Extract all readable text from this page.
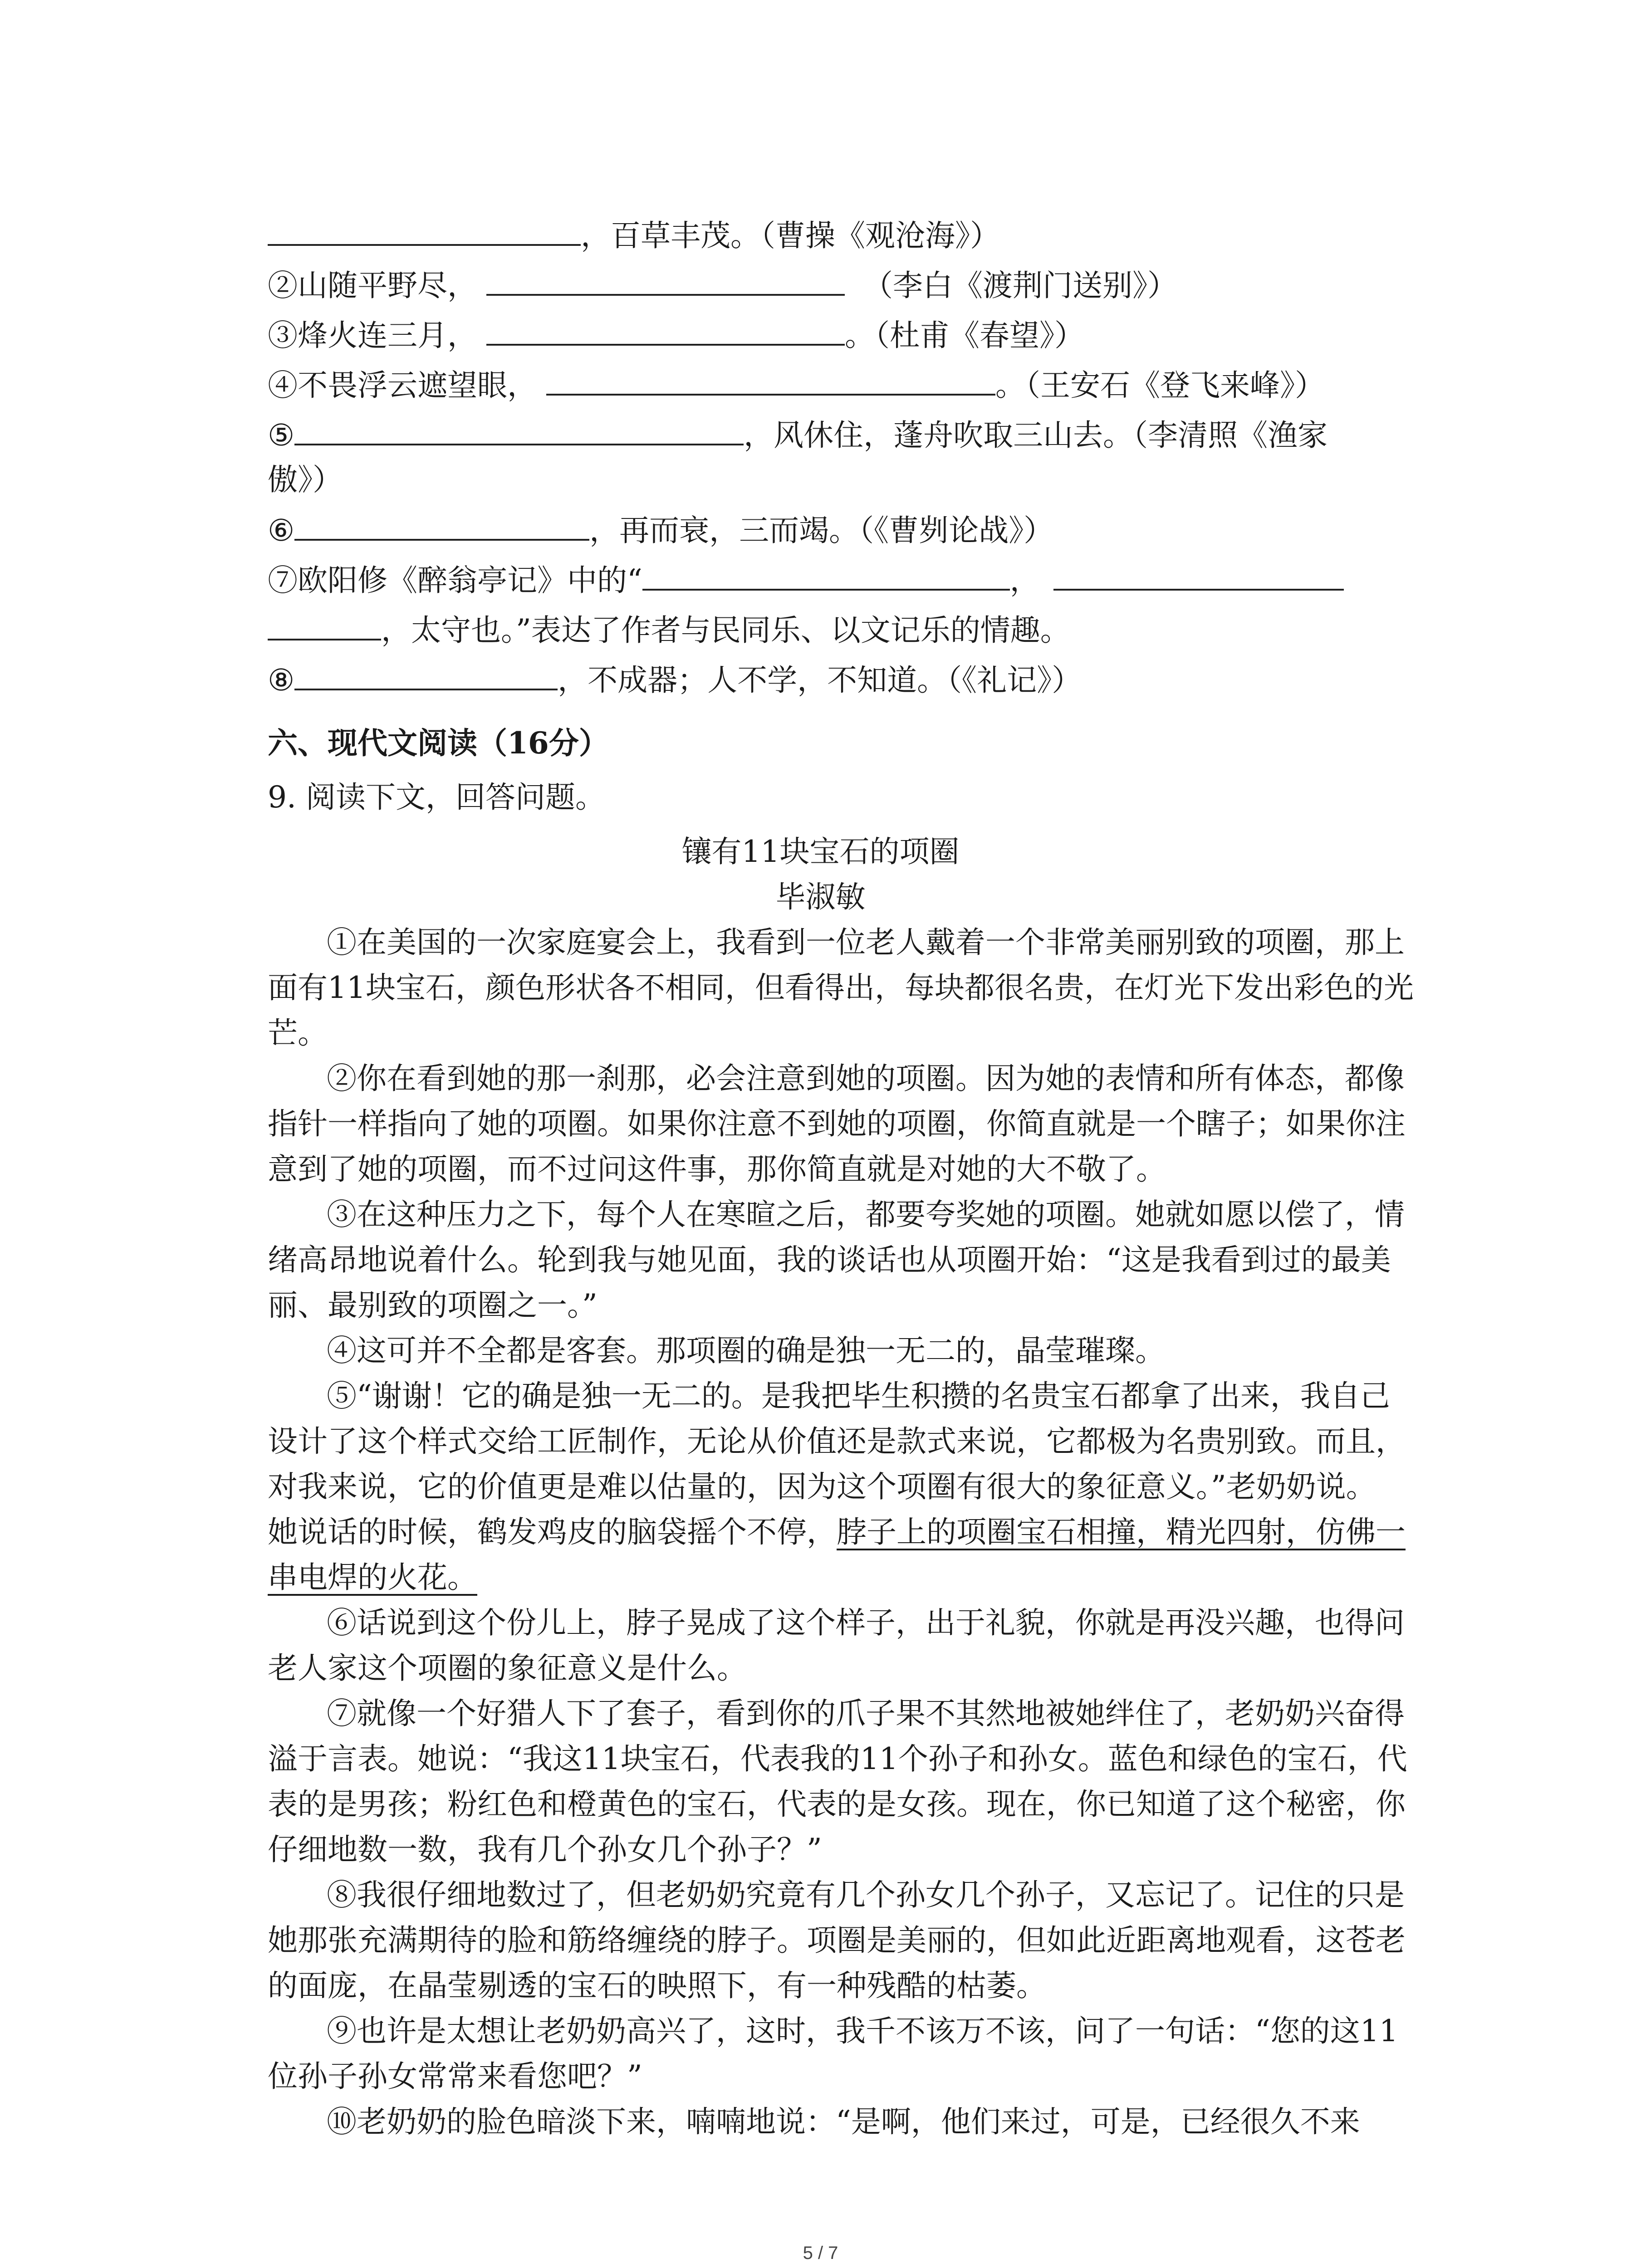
，百草丰茂。（曹操《观沧海》）
②山随平野尽，	（李白《渡荆门送别》）
③烽火连三月，	。（杜甫《春望》）
④不畏浮云遮望眼，	。（王安石《登飞来峰》）
⑤	，风休住，蓬舟吹取三山去。（李清照《渔家
傲》）
⑥	，再而衰，三而竭。（《曹刿论战》）
⑦欧阳修《醉翁亭记》中的“	，
，太守也。”表达了作者与民同乐、以文记乐的情趣。
⑧	，不成器；人不学，不知道。（《礼记》）
六、现代文阅读（16分）
9. 阅读下文，回答问题。
镶有11块宝石的项圈
毕淑敏
①在美国的一次家庭宴会上，我看到一位老人戴着一个非常美丽别致的项圈，那上
面有11块宝石，颜色形状各不相同，但看得出，每块都很名贵，在灯光下发出彩色的光
芒。
②你在看到她的那一刹那，必会注意到她的项圈。因为她的表情和所有体态，都像
指针一样指向了她的项圈。如果你注意不到她的项圈，你简直就是一个瞎子；如果你注
意到了她的项圈，而不过问这件事，那你简直就是对她的大不敬了。
③在这种压力之下，每个人在寒暄之后，都要夸奖她的项圈。她就如愿以偿了，情
绪高昂地说着什么。轮到我与她见面，我的谈话也从项圈开始：“这是我看到过的最美
丽、最别致的项圈之一。”
④这可并不全都是客套。那项圈的确是独一无二的，晶莹璀璨。
⑤“谢谢！它的确是独一无二的。是我把毕生积攒的名贵宝石都拿了出来，我自己
设计了这个样式交给工匠制作，无论从价值还是款式来说，它都极为名贵别致。而且，
对我来说，它的价值更是难以估量的，因为这个项圈有很大的象征意义。”老奶奶说。
她说话的时候，鹤发鸡皮的脑袋摇个不停，脖子上的项圈宝石相撞，精光四射，仿佛一
串电焊的火花。
⑥话说到这个份儿上，脖子晃成了这个样子，出于礼貌，你就是再没兴趣，也得问
老人家这个项圈的象征意义是什么。
⑦就像一个好猎人下了套子，看到你的爪子果不其然地被她绊住了，老奶奶兴奋得
溢于言表。她说：“我这11块宝石，代表我的11个孙子和孙女。蓝色和绿色的宝石，代
表的是男孩；粉红色和橙黄色的宝石，代表的是女孩。现在，你已知道了这个秘密，你
仔细地数一数，我有几个孙女几个孙子？”
⑧我很仔细地数过了，但老奶奶究竟有几个孙女几个孙子，又忘记了。记住的只是
她那张充满期待的脸和筋络缠绕的脖子。项圈是美丽的，但如此近距离地观看，这苍老
的面庞，在晶莹剔透的宝石的映照下，有一种残酷的枯萎。
⑨也许是太想让老奶奶高兴了，这时，我千不该万不该，问了一句话：“您的这11
位孙子孙女常常来看您吧？”
⑩老奶奶的脸色暗淡下来，喃喃地说：“是啊，他们来过，可是，已经很久不来
5 / 7
